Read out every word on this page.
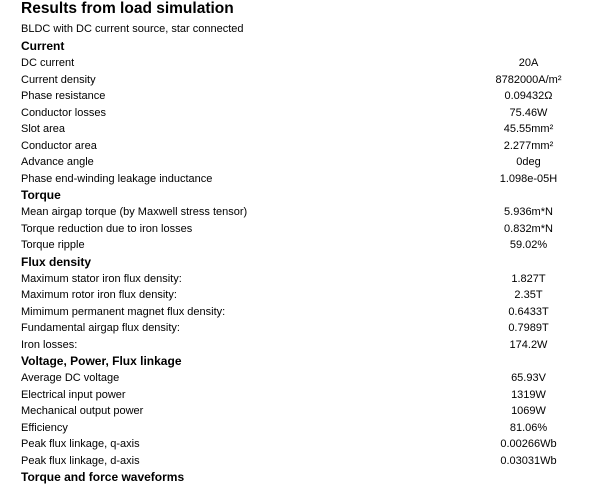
Results from load simulation
BLDC with DC current source, star connected
Current
DC current	20A
Current density	8782000A/m²
Phase resistance	0.09432Ω
Conductor losses	75.46W
Slot area	45.55mm²
Conductor area	2.277mm²
Advance angle	0deg
Phase end-winding leakage inductance	1.098e-05H
Torque
Mean airgap torque (by Maxwell stress tensor)	5.936m*N
Torque reduction due to iron losses	0.832m*N
Torque ripple	59.02%
Flux density
Maximum stator iron flux density:	1.827T
Maximum rotor iron flux density:	2.35T
Mimimum permanent magnet flux density:	0.6433T
Fundamental airgap flux density:	0.7989T
Iron losses:	174.2W
Voltage, Power, Flux linkage
Average DC voltage	65.93V
Electrical input power	1319W
Mechanical output power	1069W
Efficiency	81.06%
Peak flux linkage, q-axis	0.00266Wb
Peak flux linkage, d-axis	0.03031Wb
Torque and force waveforms
